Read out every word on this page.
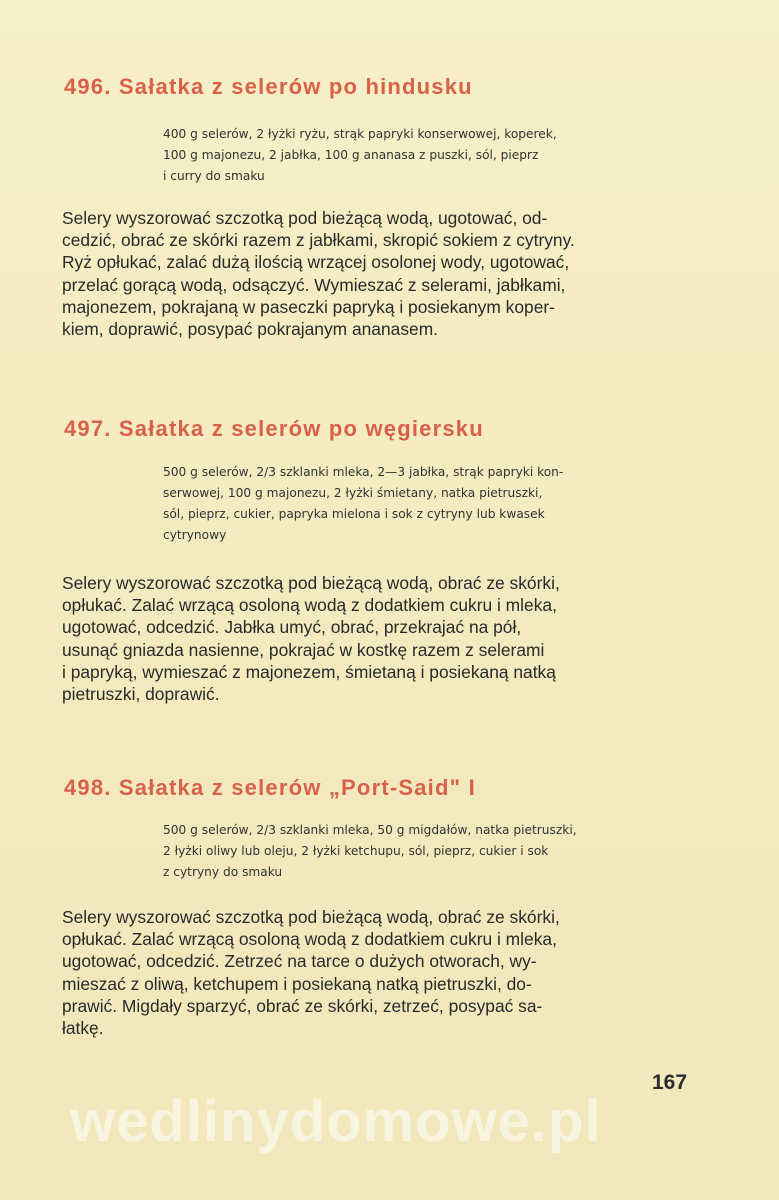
496. Sałatka z selerów po hindusku
400 g selerów, 2 łyżki ryżu, strąk papryki konserwowej, koperek,
100 g majonezu, 2 jabłka, 100 g ananasa z puszki, sól, pieprz
i curry do smaku
Selery wyszorować szczotką pod bieżącą wodą, ugotować, od-
cedzić, obrać ze skórki razem z jabłkami, skropić sokiem z cytryny.
Ryż opłukać, zalać dużą ilością wrzącej osolonej wody, ugotować,
przelać gorącą wodą, odsączyć. Wymieszać z selerami, jabłkami,
majonezem, pokrajaną w paseczki papryką i posiekanym koper-
kiem, doprawić, posypać pokrajanym ananasem.
497. Sałatka z selerów po węgiersku
500 g selerów, 2/3 szklanki mleka, 2—3 jabłka, strąk papryki kon-
serwowej, 100 g majonezu, 2 łyżki śmietany, natka pietruszki,
sól, pieprz, cukier, papryka mielona i sok z cytryny lub kwasek
cytrynowy
Selery wyszorować szczotką pod bieżącą wodą, obrać ze skórki,
opłukać. Zalać wrzącą osoloną wodą z dodatkiem cukru i mleka,
ugotować, odcedzić. Jabłka umyć, obrać, przekrajać na pół,
usunąć gniazda nasienne, pokrajać w kostkę razem z selerami
i papryką, wymieszać z majonezem, śmietaną i posiekaną natką
pietruszki, doprawić.
498. Sałatka z selerów „Port-Said" I
500 g selerów, 2/3 szklanki mleka, 50 g migdałów, natka pietruszki,
2 łyżki oliwy lub oleju, 2 łyżki ketchupu, sól, pieprz, cukier i sok
z cytryny do smaku
Selery wyszorować szczotką pod bieżącą wodą, obrać ze skórki,
opłukać. Zalać wrzącą osoloną wodą z dodatkiem cukru i mleka,
ugotować, odcedzić. Zetrzeć na tarce o dużych otworach, wy-
mieszać z oliwą, ketchupem i posiekaną natką pietruszki, do-
prawić. Migdały sparzyć, obrać ze skórki, zetrzeć, posypać sa-
łatkę.
167
wedlinydomowe.pl
